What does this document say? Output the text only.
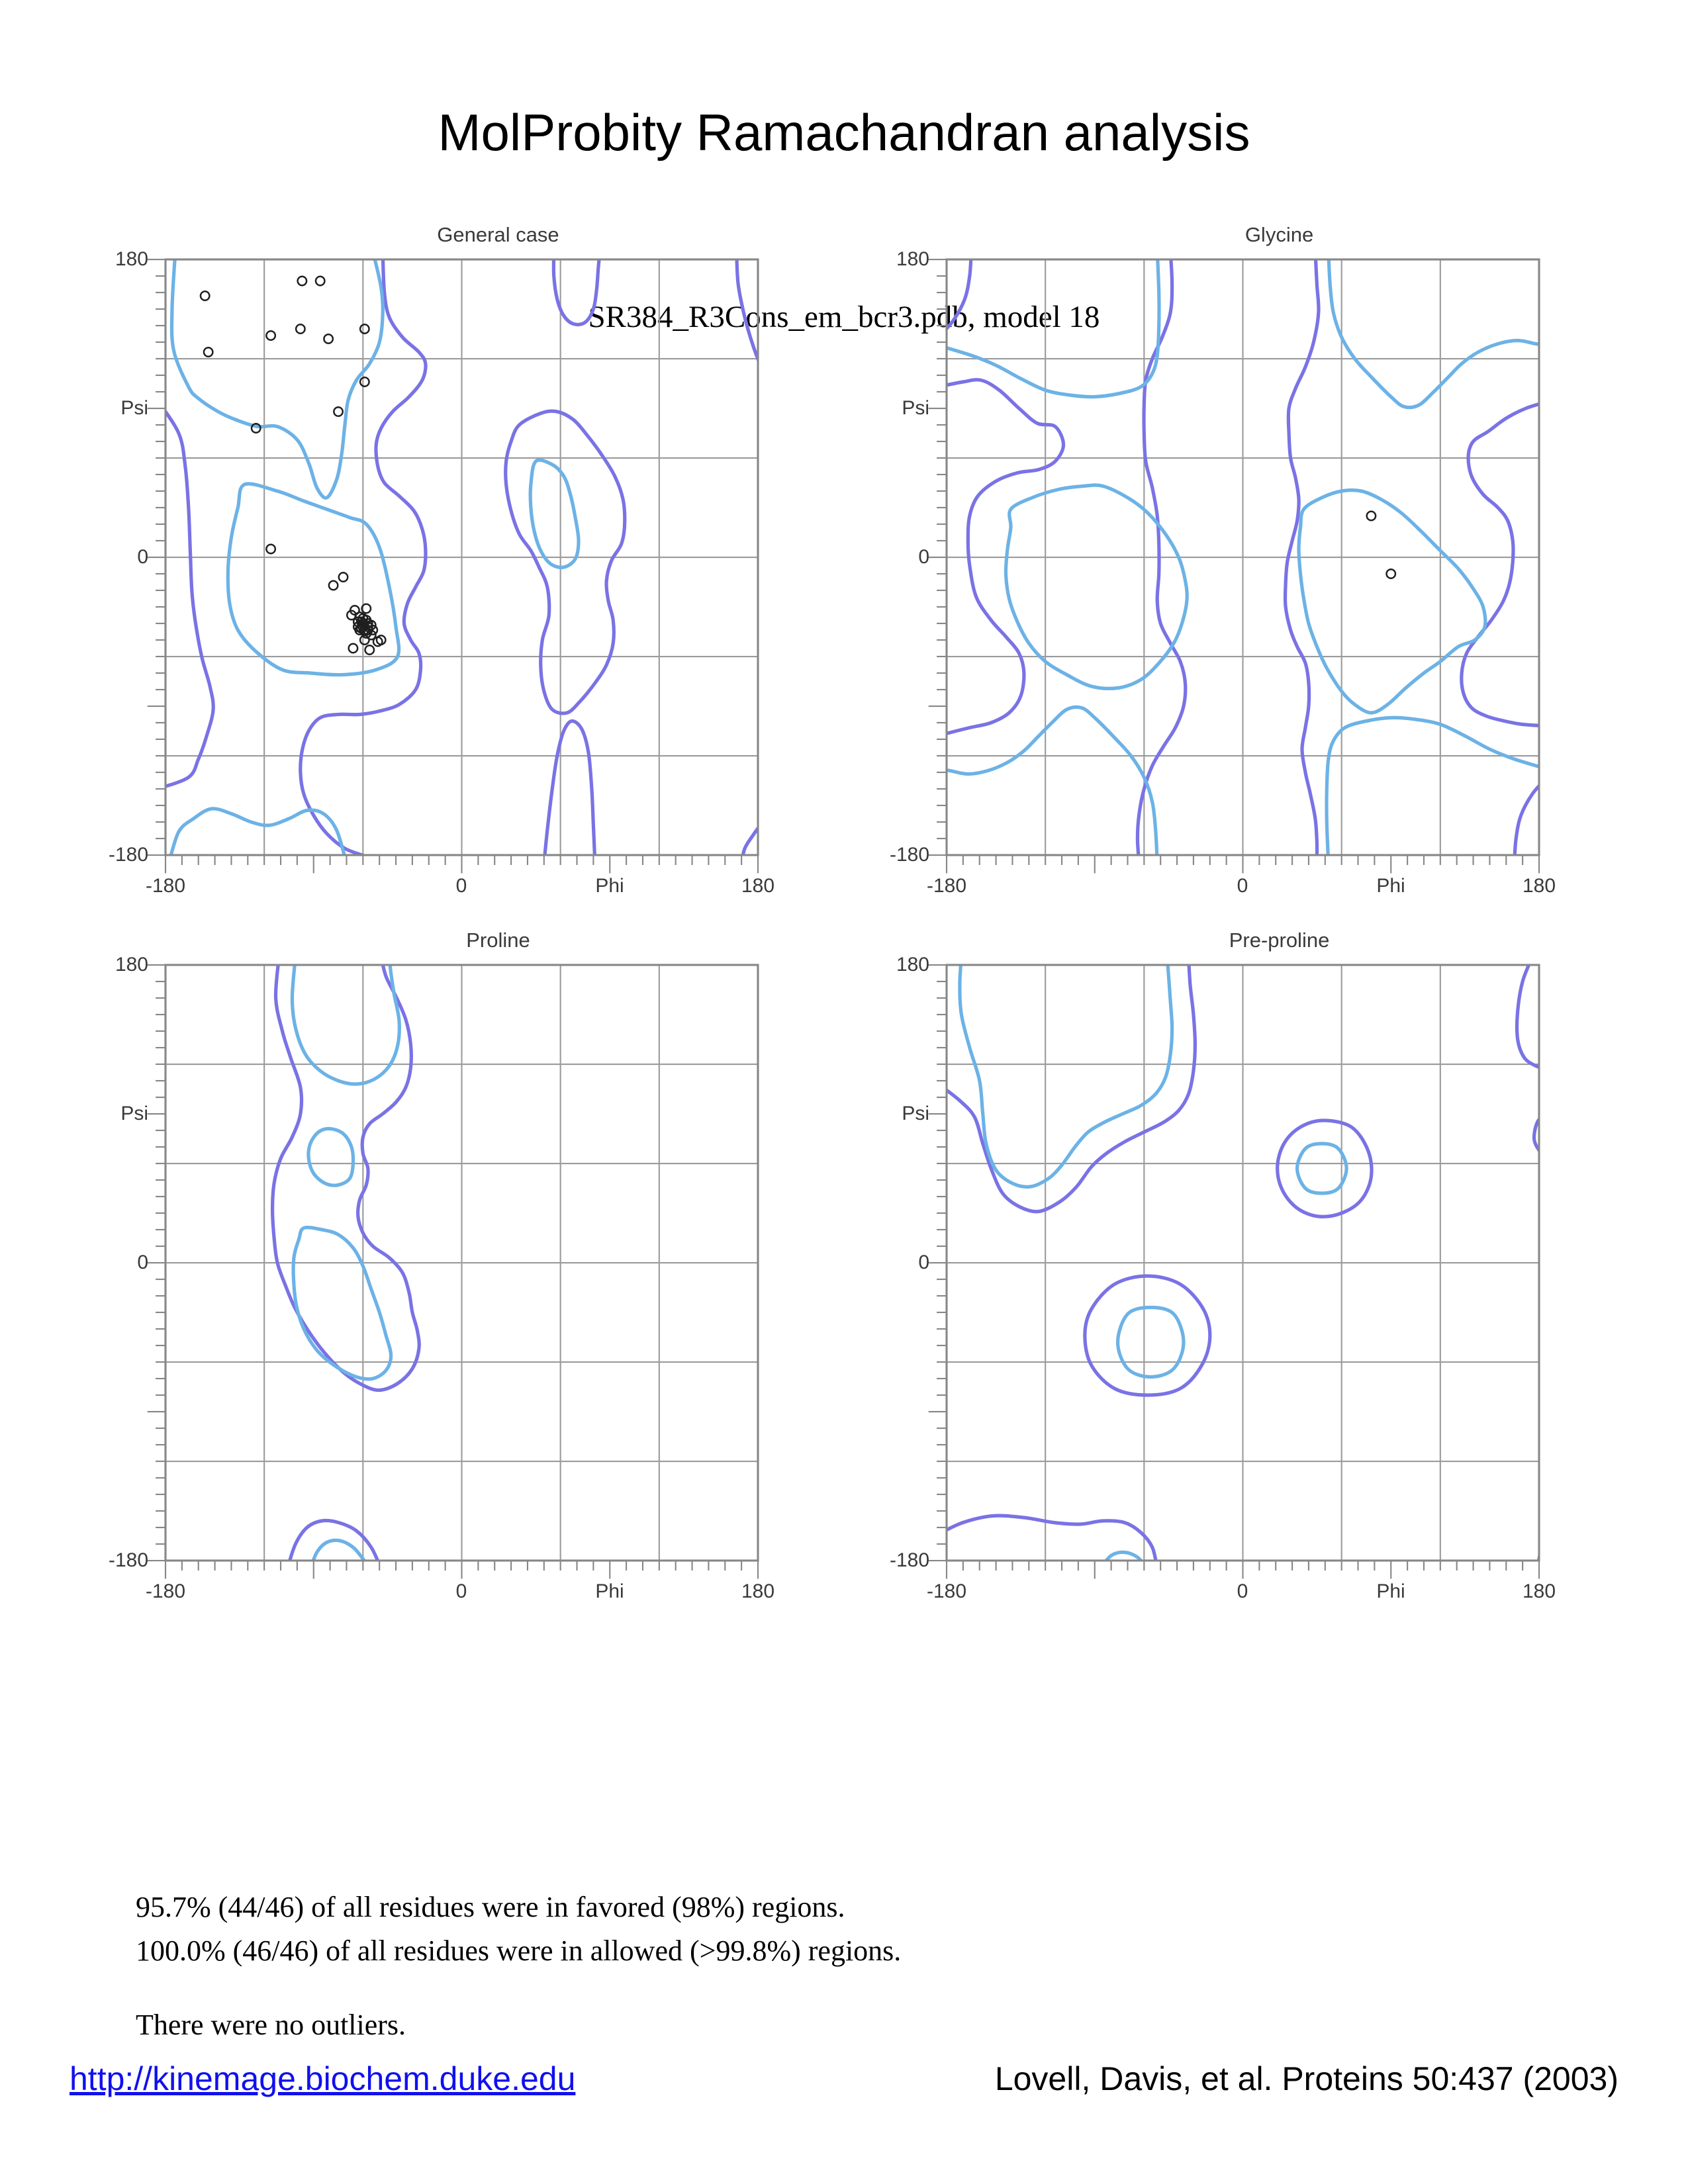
MolProbity Ramachandran analysis
SR384_R3Cons_em_bcr3.pdb, model 18
General case
180
Psi
0
-180
-180	0	Phi	180
Glycine
180
Psi
0
-180
-180	0	Phi	180
Proline
180
Psi
0
-180
-180	0	Phi	180
Pre-proline
180
Psi
0
-180
-180	0	Phi	180
95.7% (44/46) of all residues were in favored (98%) regions.
100.0% (46/46) of all residues were in allowed (>99.8%) regions.
There were no outliers.
http://kinemage.biochem.duke.edu	Lovell, Davis, et al. Proteins 50:437 (2003)
